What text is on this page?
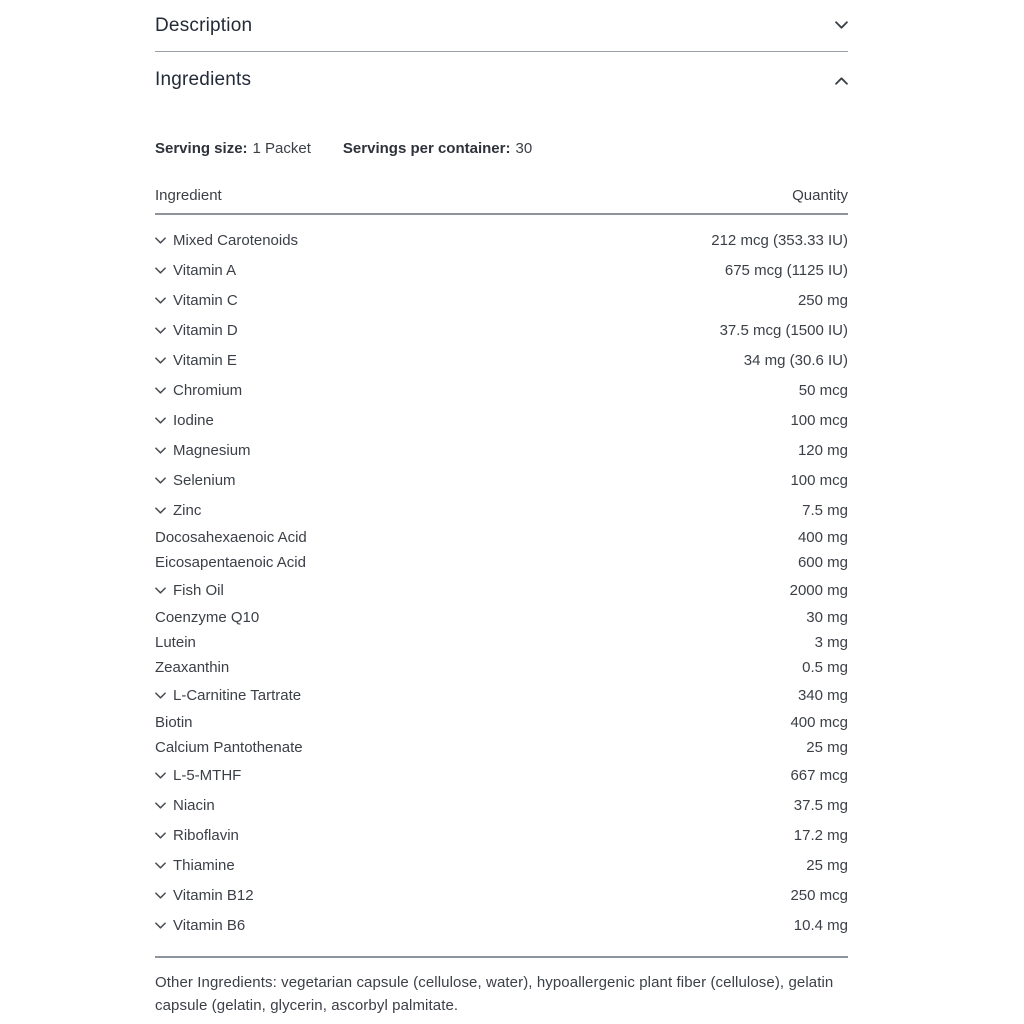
Description
Ingredients
Serving size: 1 Packet Servings per container: 30
Ingredient	Quantity
Mixed Carotenoids	212 mcg (353.33 IU)
Vitamin A	675 mcg (1125 IU)
Vitamin C	250 mg
Vitamin D	37.5 mcg (1500 IU)
Vitamin E	34 mg (30.6 IU)
Chromium	50 mcg
Iodine	100 mcg
Magnesium	120 mg
Selenium	100 mcg
Zinc	7.5 mg
Docosahexaenoic Acid	400 mg
Eicosapentaenoic Acid	600 mg
Fish Oil	2000 mg
Coenzyme Q10	30 mg
Lutein	3 mg
Zeaxanthin	0.5 mg
L-Carnitine Tartrate	340 mg
Biotin	400 mcg
Calcium Pantothenate	25 mg
L-5-MTHF	667 mcg
Niacin	37.5 mg
Riboflavin	17.2 mg
Thiamine	25 mg
Vitamin B12	250 mcg
Vitamin B6	10.4 mg

Other Ingredients: vegetarian capsule (cellulose, water), hypoallergenic plant fiber (cellulose), gelatin capsule (gelatin, glycerin, ascorbyl palmitate.
